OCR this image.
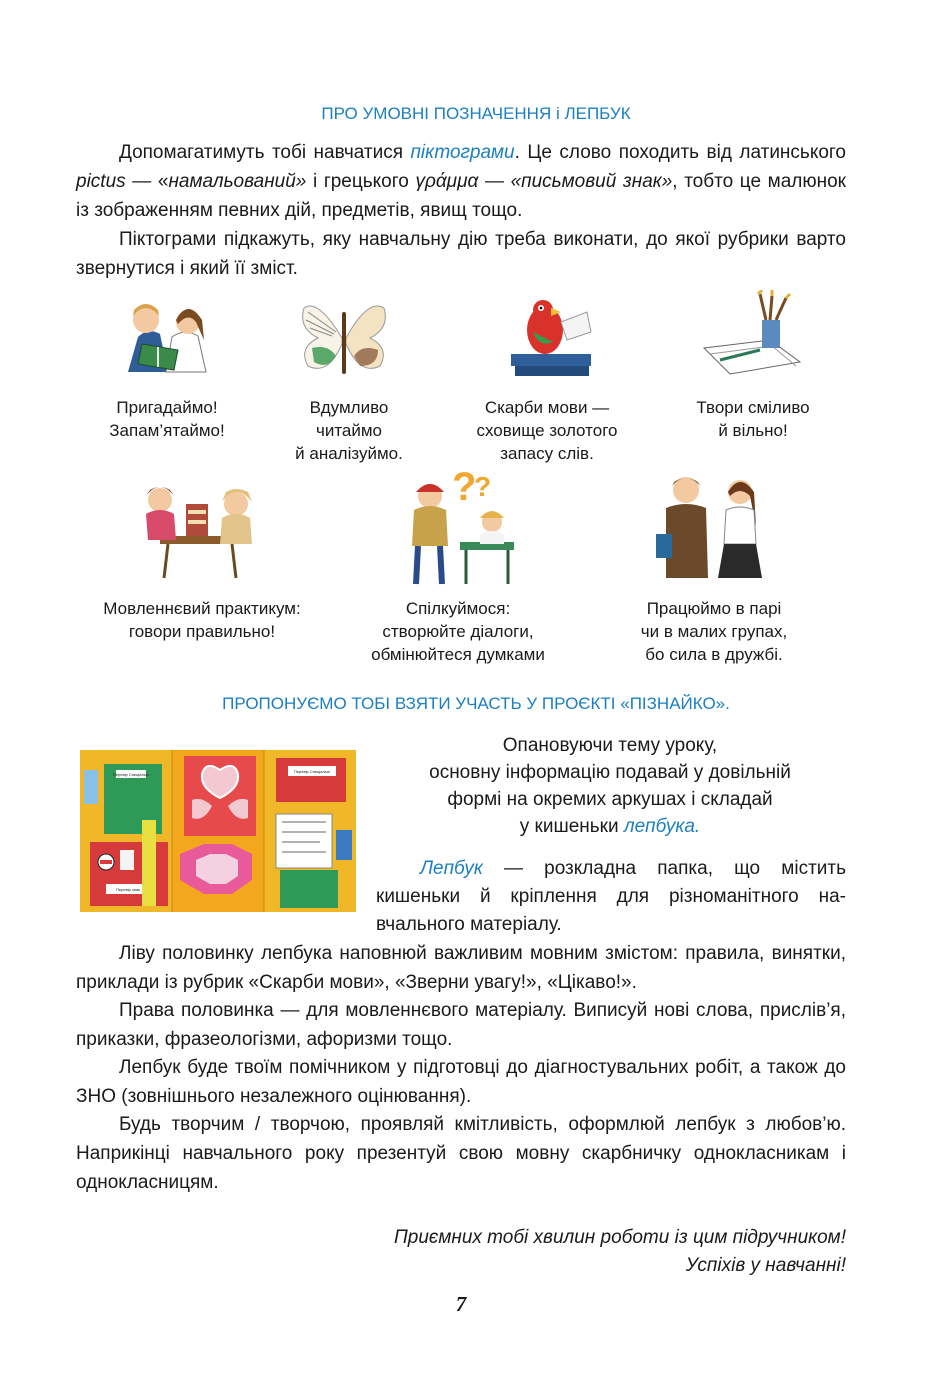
ПРО УМОВНІ ПОЗНАЧЕННЯ і ЛЕПБУК
Допомагатимуть тобі навчатися піктограми. Це слово походить від латинського pictus — «намальований» і грецького γράμμα — «письмовий знак», тобто це малюнок із зображенням певних дій, предметів, явищ тощо.
Піктограми підкажуть, яку навчальну дію треба виконати, до якої рубрики варто звернутися і який її зміст.
Пригадаймо!
Запам’ятаймо!
Вдумливо
читаймо
й аналізуймо.
Скарби мови —
сховище золотого
запасу слів.
Твори сміливо
й вільно!
?
?
Мовленнєвий практикум:
говори правильно!
Спілкуймося:
створюйте діалоги,
обмінюйтеся думками
Працюймо в парі
чи в малих групах,
бо сила в дружбі.
ПРОПОНУЄМО ТОБІ ВЗЯТИ УЧАСТЬ У ПРОЄКТІ «ПІЗНАЙКО».
Перевір Спеціальні
Перевір знак
Перевір Спеціальні
Опановуючи тему уроку,
основну інформацію подавай у довільній
формі на окремих аркушах і складай
у кишеньки лепбука.
Лепбук — розкладна папка, що містить
кишеньки й кріплення для різноманітного на-
вчального матеріалу.
Ліву половинку лепбука наповнюй важливим мовним змістом: правила, винятки, приклади із рубрик «Скарби мови», «Зверни увагу!», «Цікаво!».
Права половинка — для мовленнєвого матеріалу. Виписуй нові слова, прислів’я, приказки, фразеологізми, афоризми тощо.
Лепбук буде твоїм помічником у підготовці до діагностувальних робіт, а також до ЗНО (зовнішнього незалежного оцінювання).
Будь творчим / творчою, проявляй кмітливість, оформлюй лепбук з любов’ю. Наприкінці навчального року презентуй свою мовну скарбничку однокласникам і однокласницям.
Приємних тобі хвилин роботи із цим підручником!
Успіхів у навчанні!
7
